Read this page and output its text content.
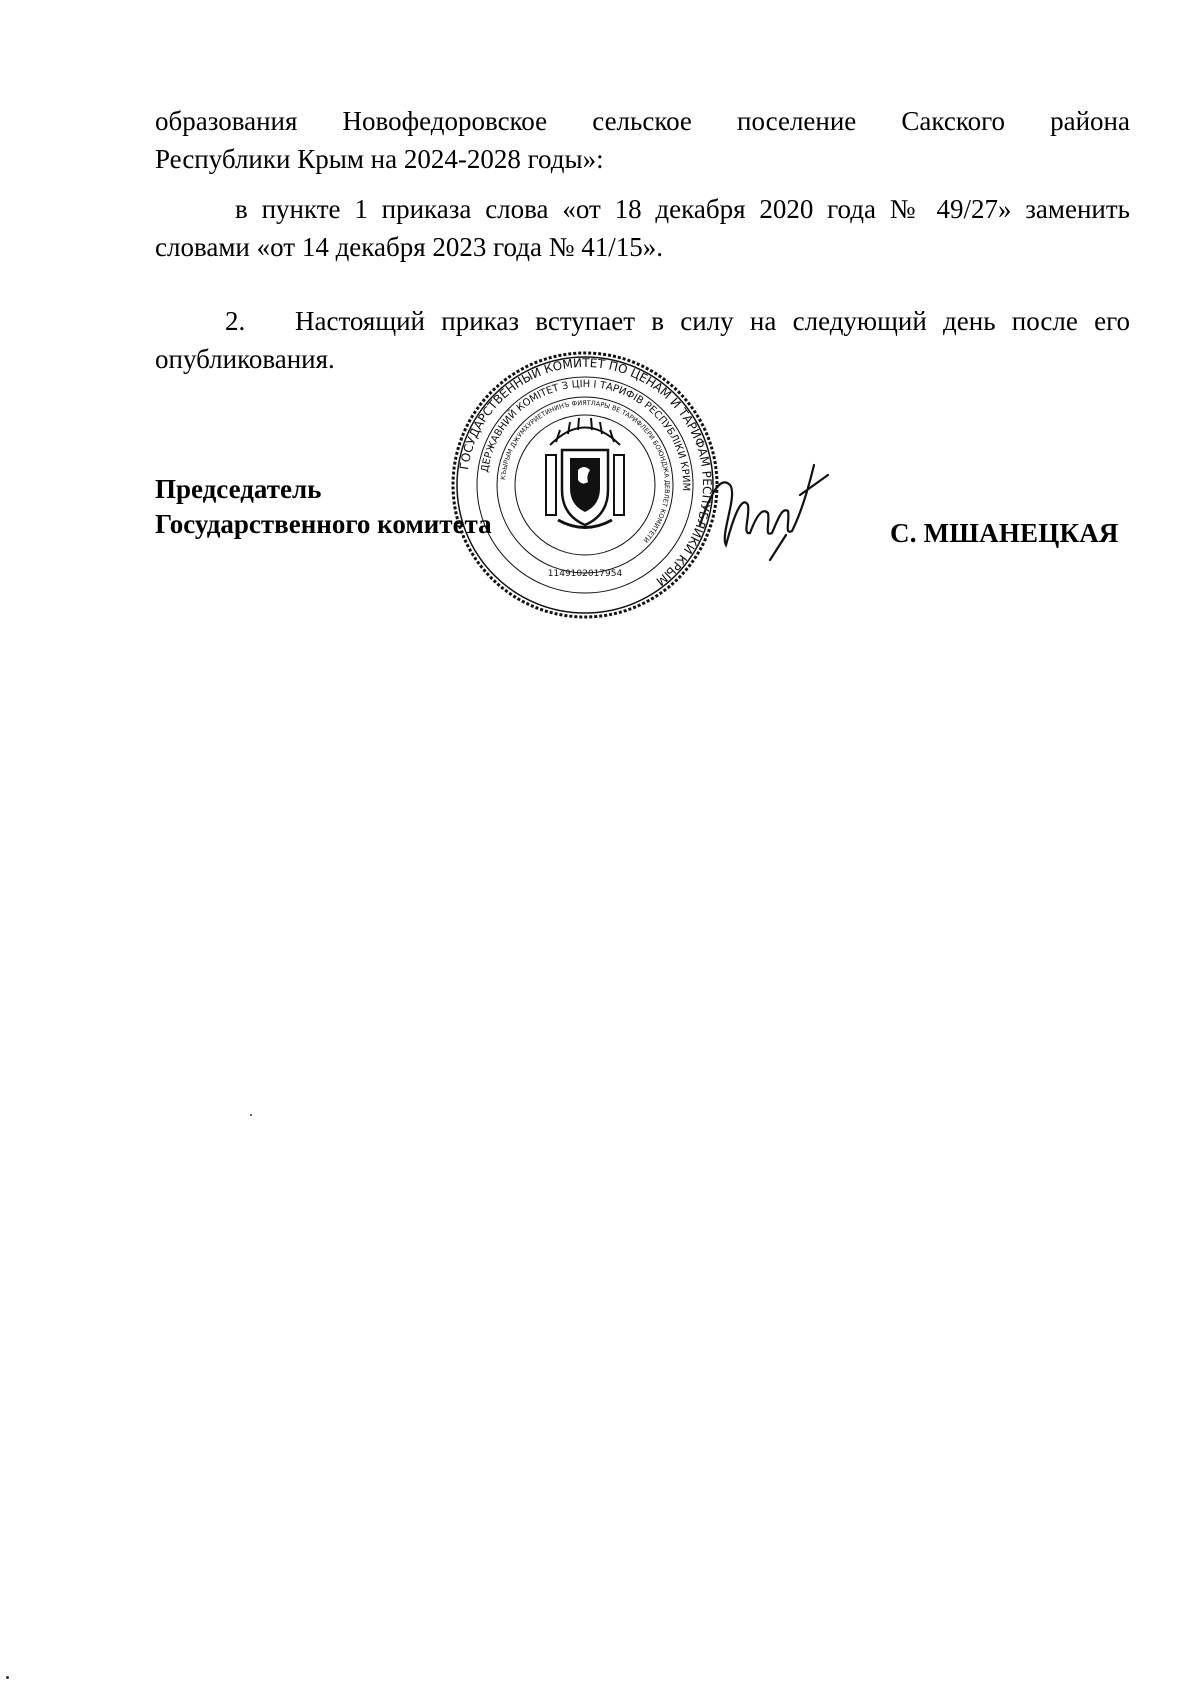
образования Новофедоровское сельское поселение Сакского района
Республики Крым на 2024-2028 годы»:
в пункте 1 приказа слова «от 18 декабря 2020 года № 49/27» заменить
словами «от 14 декабря 2023 года № 41/15».
2. Настоящий приказ вступает в силу на следующий день после его
опубликования.
Председатель
Государственного комитета
ГОСУДАРСТВЕННЫЙ КОМИТЕТ ПО ЦЕНАМ И ТАРИФАМ РЕСПУБЛИКИ КРЫМ
ДЕРЖАВНИЙ КОМІТЕТ З ЦІН І ТАРИФІВ РЕСПУБЛІКИ КРИМ
КЪЫРЫМ ДЖУМХУРИЕТИНИНЪ ФИЯТЛАРЫ ВЕ ТАРИФЛЕРИ БОЮНДЖА ДЕВЛЕТ КОМИТЕТИ
1149102017954
С. МШАНЕЦКАЯ
